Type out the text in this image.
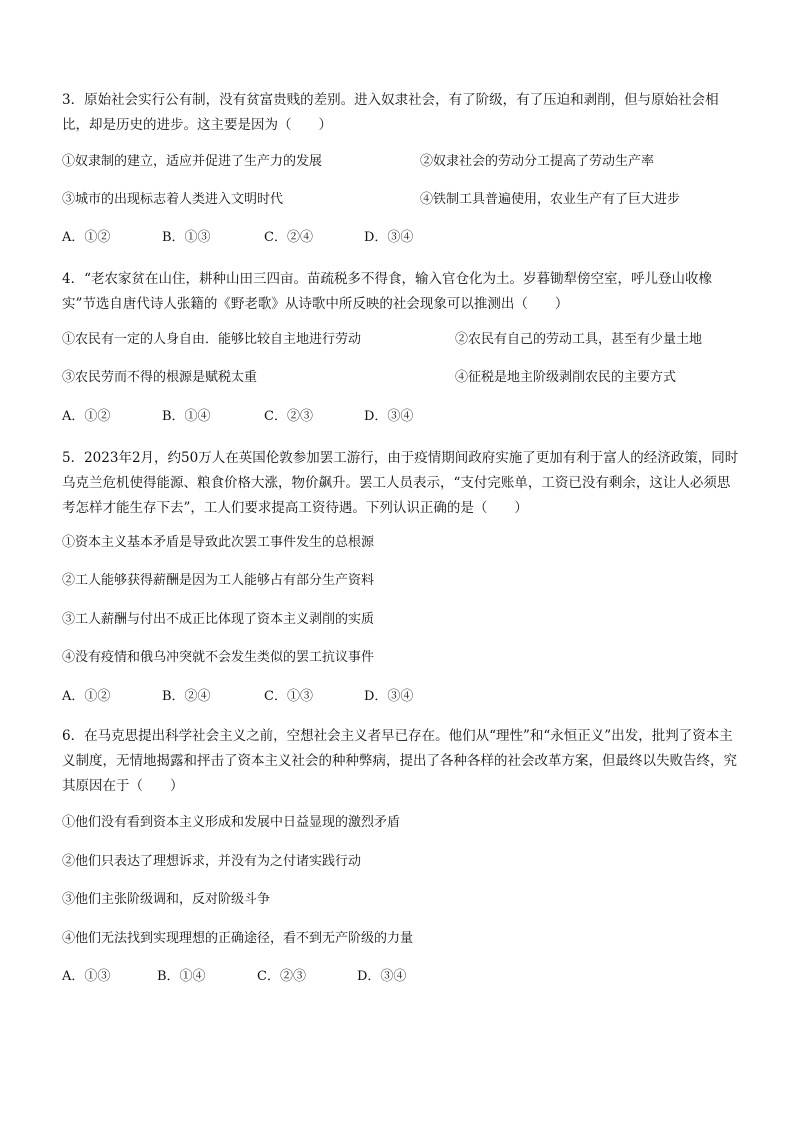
3．原始社会实行公有制，没有贫富贵贱的差别。进入奴隶社会，有了阶级，有了压迫和剥削，但与原始社会相比，却是历史的进步。这主要是因为（　　）

①奴隶制的建立，适应并促进了生产力的发展	②奴隶社会的劳动分工提高了劳动生产率
③城市的出现标志着人类进入文明时代	④铁制工具普遍使用，农业生产有了巨大进步
A．①②	B．①③	C．②④	D．③④

4．“老农家贫在山住，耕种山田三四亩。苗疏税多不得食，输入官仓化为土。岁暮锄犁傍空室，呼儿登山收橡实”节选自唐代诗人张籍的《野老歌》从诗歌中所反映的社会现象可以推测出（　　）

①农民有一定的人身自由．能够比较自主地进行劳动	②农民有自己的劳动工具，甚至有少量土地
③农民劳而不得的根源是赋税太重	④征税是地主阶级剥削农民的主要方式
A．①②	B．①④	C．②③	D．③④

5．2023年2月，约50万人在英国伦敦参加罢工游行，由于疫情期间政府实施了更加有利于富人的经济政策，同时乌克兰危机使得能源、粮食价格大涨，物价飙升。罢工人员表示，“支付完账单，工资已没有剩余，这让人必须思考怎样才能生存下去”，工人们要求提高工资待遇。下列认识正确的是（　　）

①资本主义基本矛盾是导致此次罢工事件发生的总根源
②工人能够获得薪酬是因为工人能够占有部分生产资料
③工人薪酬与付出不成正比体现了资本主义剥削的实质
④没有疫情和俄乌冲突就不会发生类似的罢工抗议事件
A．①②	B．②④	C．①③	D．③④

6．在马克思提出科学社会主义之前，空想社会主义者早已存在。他们从“理性”和“永恒正义”出发，批判了资本主义制度，无情地揭露和抨击了资本主义社会的种种弊病，提出了各种各样的社会改革方案，但最终以失败告终，究其原因在于（　　）

①他们没有看到资本主义形成和发展中日益显现的激烈矛盾
②他们只表达了理想诉求，并没有为之付诸实践行动
③他们主张阶级调和，反对阶级斗争
④他们无法找到实现理想的正确途径，看不到无产阶级的力量
A．①③	B．①④	C．②③	D．③④
